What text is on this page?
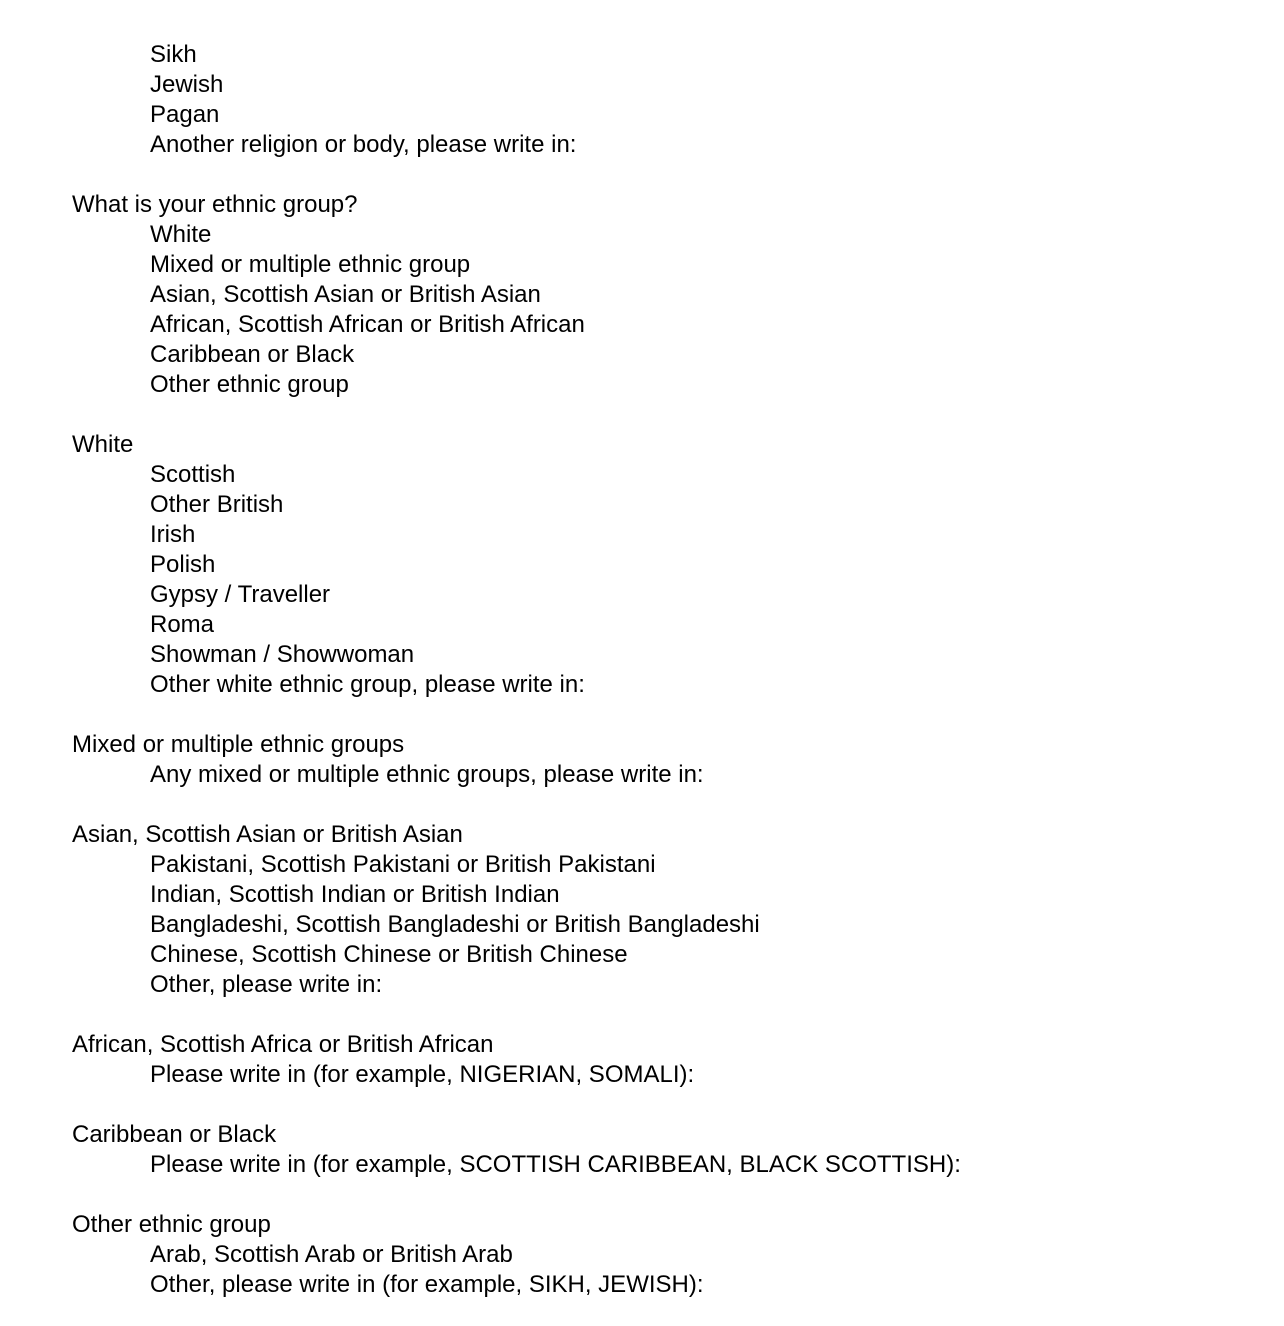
Sikh
Jewish
Pagan
Another religion or body, please write in:
What is your ethnic group?
White
Mixed or multiple ethnic group
Asian, Scottish Asian or British Asian
African, Scottish African or British African
Caribbean or Black
Other ethnic group
White
Scottish
Other British
Irish
Polish
Gypsy / Traveller
Roma
Showman / Showwoman
Other white ethnic group, please write in:
Mixed or multiple ethnic groups
Any mixed or multiple ethnic groups, please write in:
Asian, Scottish Asian or British Asian
Pakistani, Scottish Pakistani or British Pakistani
Indian, Scottish Indian or British Indian
Bangladeshi, Scottish Bangladeshi or British Bangladeshi
Chinese, Scottish Chinese or British Chinese
Other, please write in:
African, Scottish Africa or British African
Please write in (for example, NIGERIAN, SOMALI):
Caribbean or Black
Please write in (for example, SCOTTISH CARIBBEAN, BLACK SCOTTISH):
Other ethnic group
Arab, Scottish Arab or British Arab
Other, please write in (for example, SIKH, JEWISH):
